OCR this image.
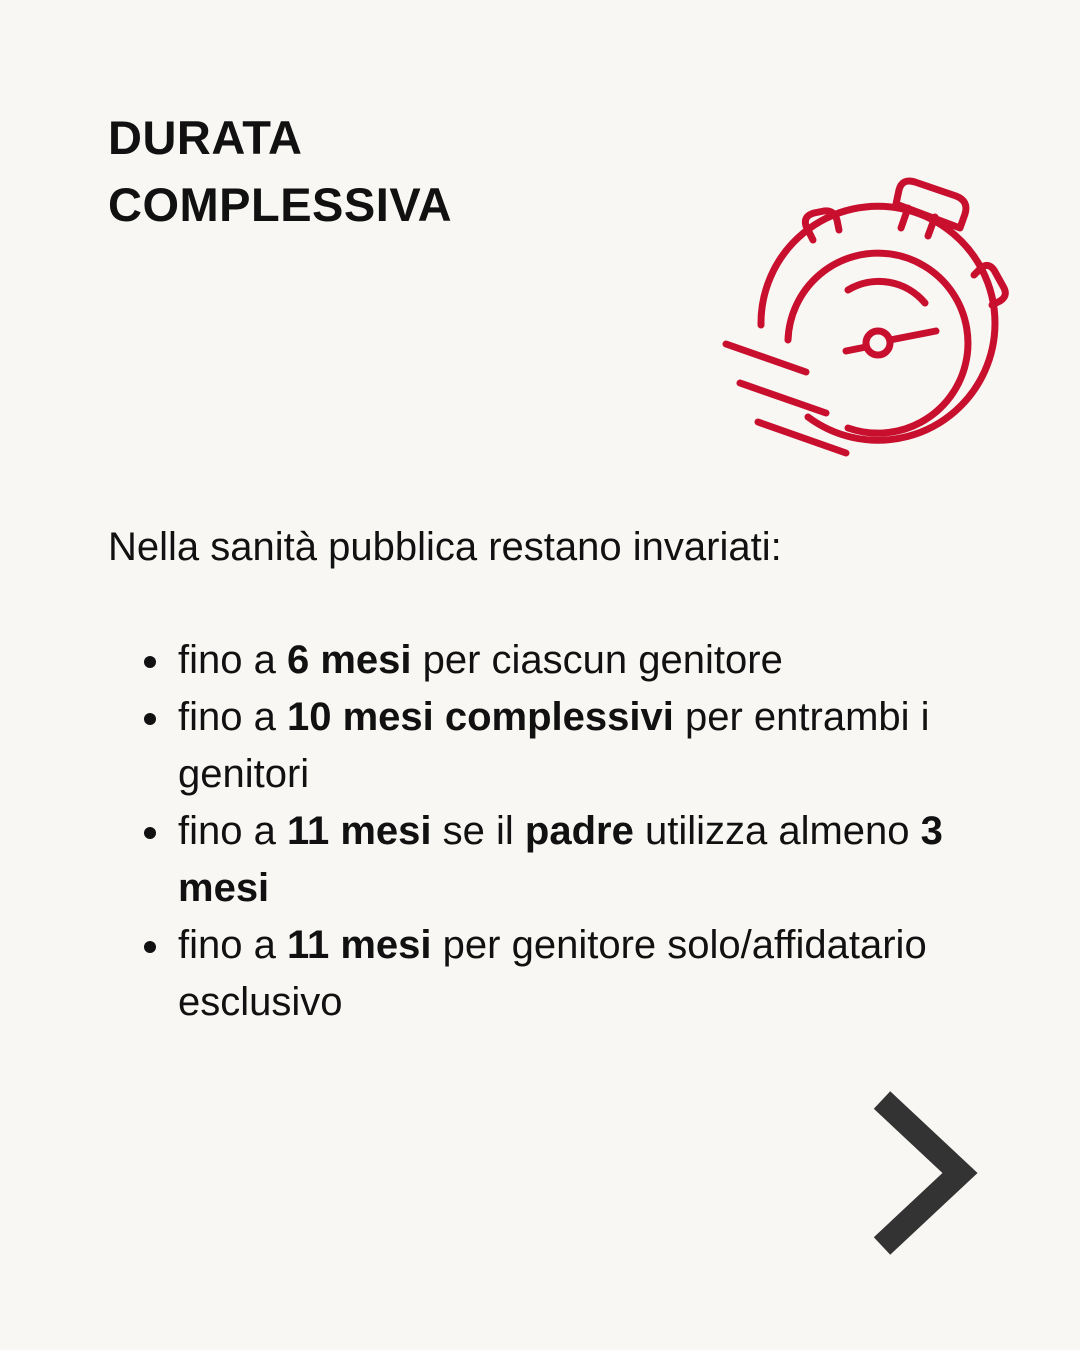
DURATA
COMPLESSIVA

Nella sanità pubblica restano invariati:

fino a 6 mesi per ciascun genitore
fino a 10 mesi complessivi per entrambi i genitori
fino a 11 mesi se il padre utilizza almeno 3 mesi
fino a 11 mesi per genitore solo/affidatario esclusivo
